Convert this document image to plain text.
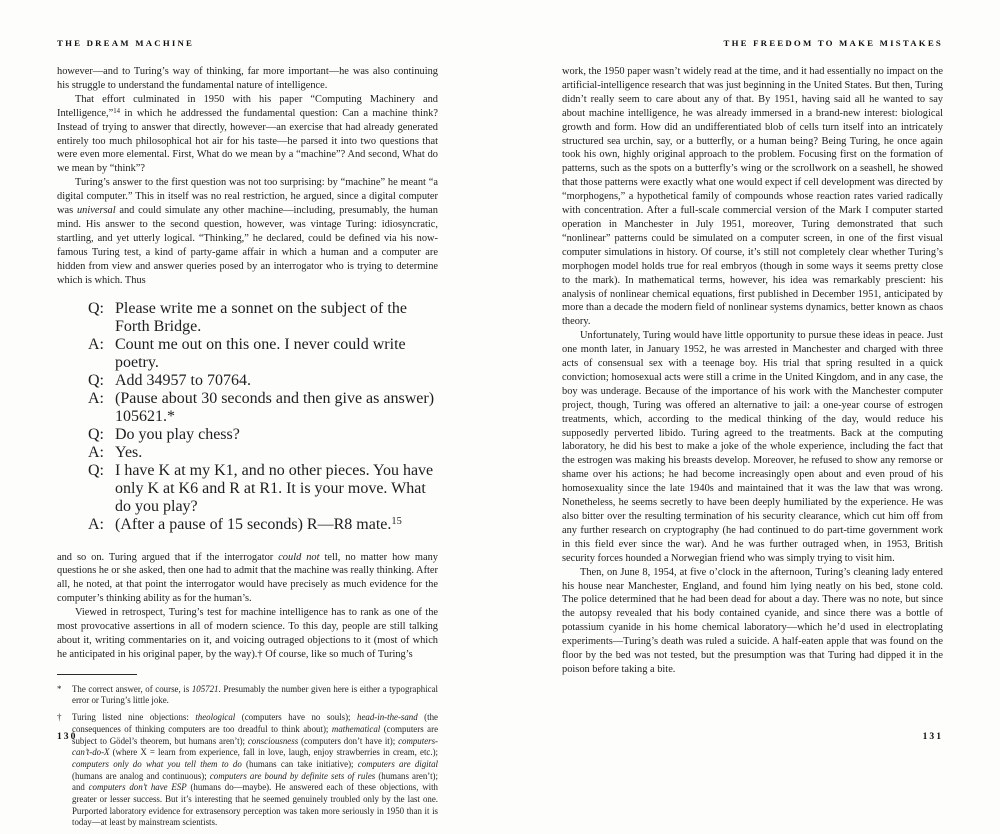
THE DREAM MACHINE

however—and to Turing’s way of thinking, far more important—he was also continuing his struggle to understand the fundamental nature of intelligence.

That effort culminated in 1950 with his paper “Computing Machinery and Intelligence,”$^{14}$ in which he addressed the fundamental question: Can a machine think? Instead of trying to answer that directly, however—an exercise that had already generated entirely too much philosophical hot air for his taste—he parsed it into two questions that were even more elemental. First, What do we mean by a “machine”? And second, What do we mean by “think”?

Turing’s answer to the first question was not too surprising: by “machine” he meant “a digital computer.” This in itself was no real restriction, he argued, since a digital computer was universal and could simulate any other machine—including, presumably, the human mind. His answer to the second question, however, was vintage Turing: idiosyncratic, startling, and yet utterly logical. “Thinking,” he declared, could be defined via his now-famous Turing test, a kind of party-game affair in which a human and a computer are hidden from view and answer queries posed by an interrogator who is trying to determine which is which. Thus

Q: Please write me a sonnet on the subject of the Forth Bridge.
A: Count me out on this one. I never could write poetry.
Q: Add 34957 to 70764.
A: (Pause about 30 seconds and then give as answer) 105621.*
Q: Do you play chess?
A: Yes.
Q: I have K at my K1, and no other pieces. You have only K at K6 and R at R1. It is your move. What do you play?
A: (After a pause of 15 seconds) R—R8 mate.$^{15}$

and so on. Turing argued that if the interrogator could not tell, no matter how many questions he or she asked, then one had to admit that the machine was really thinking. After all, he noted, at that point the interrogator would have precisely as much evidence for the computer’s thinking ability as for the human’s.

Viewed in retrospect, Turing’s test for machine intelligence has to rank as one of the most provocative assertions in all of modern science. To this day, people are still talking about it, writing commentaries on it, and voicing outraged objections to it (most of which he anticipated in his original paper, by the way).† Of course, like so much of Turing’s

*	The correct answer, of course, is 105721. Presumably the number given here is either a typographical error or Turing’s little joke.
†	Turing listed nine objections: theological (computers have no souls); head-in-the-sand (the consequences of thinking computers are too dreadful to think about); mathematical (computers are subject to Gödel’s theorem, but humans aren’t); consciousness (computers don’t have it); computers-can’t-do-X (where X = learn from experience, fall in love, laugh, enjoy strawberries in cream, etc.); computers only do what you tell them to do (humans can take initiative); computers are digital (humans are analog and continuous); computers are bound by definite sets of rules (humans aren’t); and computers don’t have ESP (humans do—maybe). He answered each of these objections, with greater or lesser success. But it’s interesting that he seemed genuinely troubled only by the last one. Purported laboratory evidence for extrasensory perception was taken more seriously in 1950 than it is today—at least by mainstream scientists.
130
THE FREEDOM TO MAKE MISTAKES

work, the 1950 paper wasn’t widely read at the time, and it had essentially no impact on the artificial-intelligence research that was just beginning in the United States. But then, Turing didn’t really seem to care about any of that. By 1951, having said all he wanted to say about machine intelligence, he was already immersed in a brand-new interest: biological growth and form. How did an undifferentiated blob of cells turn itself into an intricately structured sea urchin, say, or a butterfly, or a human being? Being Turing, he once again took his own, highly original approach to the problem. Focusing first on the formation of patterns, such as the spots on a butterfly’s wing or the scrollwork on a seashell, he showed that those patterns were exactly what one would expect if cell development was directed by “morphogens,” a hypothetical family of compounds whose reaction rates varied radically with concentration. After a full-scale commercial version of the Mark I computer started operation in Manchester in July 1951, moreover, Turing demonstrated that such “nonlinear” patterns could be simulated on a computer screen, in one of the first visual computer simulations in history. Of course, it’s still not completely clear whether Turing’s morphogen model holds true for real embryos (though in some ways it seems pretty close to the mark). In mathematical terms, however, his idea was remarkably prescient: his analysis of nonlinear chemical equations, first published in December 1951, anticipated by more than a decade the modern field of nonlinear systems dynamics, better known as chaos theory.

Unfortunately, Turing would have little opportunity to pursue these ideas in peace. Just one month later, in January 1952, he was arrested in Manchester and charged with three acts of consensual sex with a teenage boy. His trial that spring resulted in a quick conviction; homosexual acts were still a crime in the United Kingdom, and in any case, the boy was underage. Because of the importance of his work with the Manchester computer project, though, Turing was offered an alternative to jail: a one-year course of estrogen treatments, which, according to the medical thinking of the day, would reduce his supposedly perverted libido. Turing agreed to the treatments. Back at the computing laboratory, he did his best to make a joke of the whole experience, including the fact that the estrogen was making his breasts develop. Moreover, he refused to show any remorse or shame over his actions; he had become increasingly open about and even proud of his homosexuality since the late 1940s and maintained that it was the law that was wrong. Nonetheless, he seems secretly to have been deeply humiliated by the experience. He was also bitter over the resulting termination of his security clearance, which cut him off from any further research on cryptography (he had continued to do part-time government work in this field ever since the war). And he was further outraged when, in 1953, British security forces hounded a Norwegian friend who was simply trying to visit him.

Then, on June 8, 1954, at five o’clock in the afternoon, Turing’s cleaning lady entered his house near Manchester, England, and found him lying neatly on his bed, stone cold. The police determined that he had been dead for about a day. There was no note, but since the autopsy revealed that his body contained cyanide, and since there was a bottle of potassium cyanide in his home chemical laboratory—which he’d used in electroplating experiments—Turing’s death was ruled a suicide. A half-eaten apple that was found on the floor by the bed was not tested, but the presumption was that Turing had dipped it in the poison before taking a bite.

131
